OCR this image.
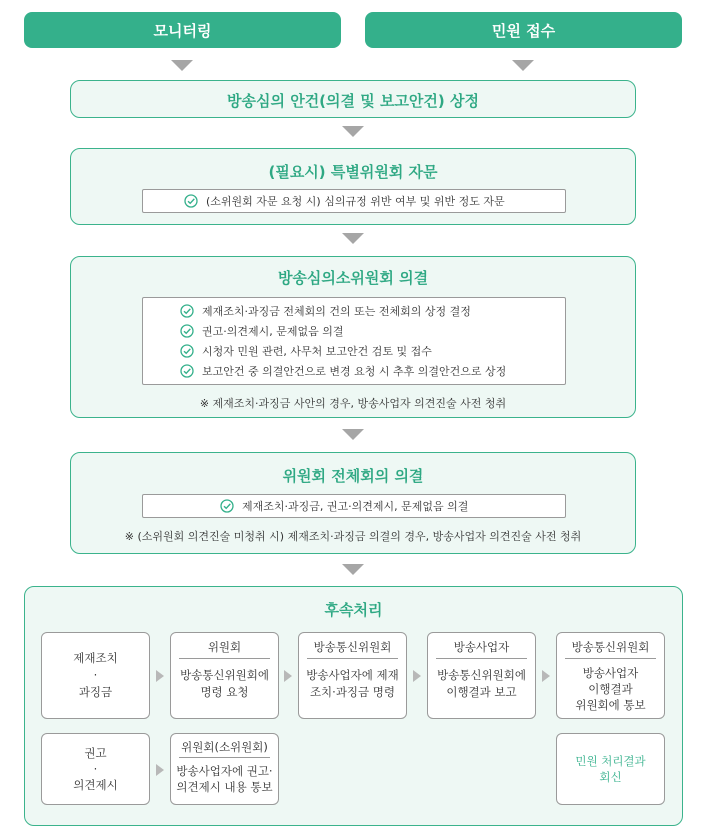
모니터링	민원 접수
방송심의 안건(의결 및 보고안건) 상정
(필요시) 특별위원회 자문
(소위원회 자문 요청 시) 심의규정 위반 여부 및 위반 정도 자문
방송심의소위원회 의결
제재조치·과징금 전체회의 건의 또는 전체회의 상정 결정
권고·의견제시, 문제없음 의결
시청자 민원 관련, 사무처 보고안건 검토 및 접수
보고안건 중 의결안건으로 변경 요청 시 추후 의결안건으로 상정
※ 제재조치·과징금 사안의 경우, 방송사업자 의견진술 사전 청취
위원회 전체회의 의결
제재조치·과징금, 권고·의견제시, 문제없음 의결
※ (소위원회 의견진술 미청취 시) 제재조치·과징금 의결의 경우, 방송사업자 의견진술 사전 청취
후속처리
제재조치
·
과징금
위원회
방송통신위원회에
명령 요청
방송통신위원회
방송사업자에 제재
조치·과징금 명령
방송사업자
방송통신위원회에
이행결과 보고
방송통신위원회
방송사업자
이행결과
위원회에 통보
권고
·
의견제시
위원회(소위원회)
방송사업자에 권고·
의견제시 내용 통보
민원 처리결과
회신
